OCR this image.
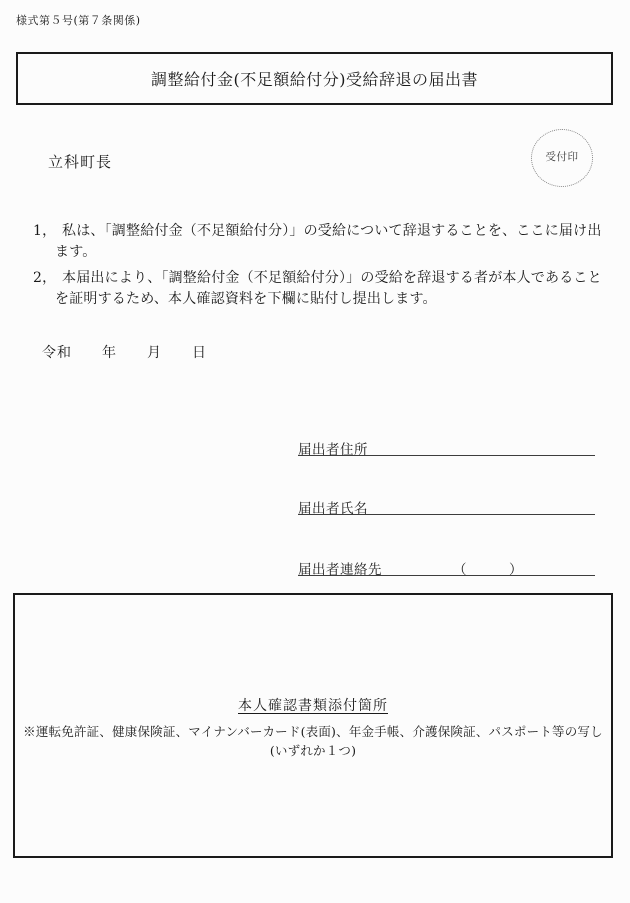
様式第５号(第７条関係)
調整給付金(不足額給付分)受給辞退の届出書
立科町長	受付印
1， 私は、「調整給付金（不足額給付分）」の受給について辞退することを、ここに届け出
ます。
2， 本届出により、「調整給付金（不足額給付分）」の受給を辞退する者が本人であること
を証明するため、本人確認資料を下欄に貼付し提出します。
令和　　年　　月　　日
届出者住所
届出者氏名
届出者連絡先	（　　　）
本人確認書類添付箇所
※運転免許証、健康保険証、マイナンバーカード(表面)、年金手帳、介護保険証、パスポート等の写し
(いずれか１つ)
